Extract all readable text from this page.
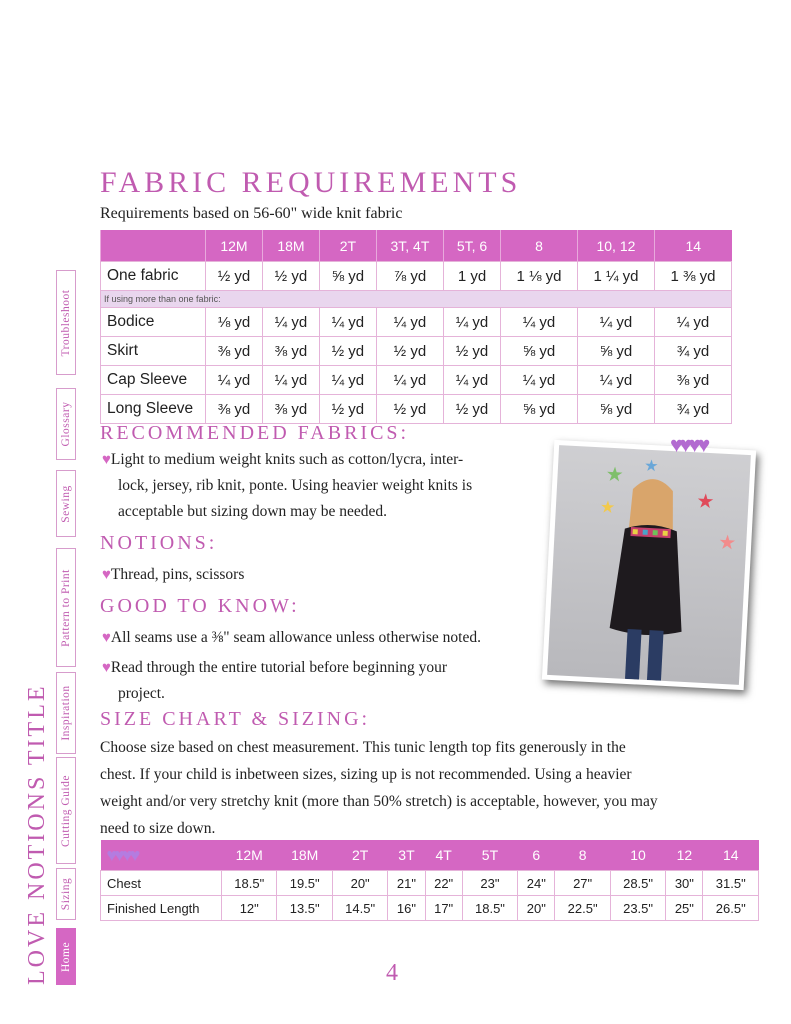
LOVE NOTIONS TITLE
Troubleshoot
Glossary
Sewing
Pattern to Print
Inspiration
Cutting Guide
Sizing
Home
FABRIC REQUIREMENTS
Requirements based on 56-60" wide knit fabric
	12M	18M	2T	3T, 4T	5T, 6	8	10, 12	14
One fabric	½ yd	½ yd	⅝ yd	⅞ yd	1 yd	1 ⅛ yd	1 ¼ yd	1 ⅜ yd
If using more than one fabric:								
Bodice	⅛ yd	¼ yd	¼ yd	¼ yd	¼ yd	¼ yd	¼ yd	¼ yd
Skirt	⅜ yd	⅜ yd	½ yd	½ yd	½ yd	⅝ yd	⅝ yd	¾ yd
Cap Sleeve	¼ yd	¼ yd	¼ yd	¼ yd	¼ yd	¼ yd	¼ yd	⅜ yd
Long Sleeve	⅜ yd	⅜ yd	½ yd	½ yd	½ yd	⅝ yd	⅝ yd	¾ yd
RECOMMENDED FABRICS:
♥Light to medium weight knits such as cotton/lycra, inter-
lock, jersey, rib knit, ponte. Using heavier weight knits is
acceptable but sizing down may be needed.
NOTIONS:
♥Thread, pins, scissors
GOOD TO KNOW:
♥All seams use a ⅜" seam allowance unless otherwise noted.
♥Read through the entire tutorial before beginning your
project.
★ ★
★
★
★
♥♥♥♥
SIZE CHART & SIZING:
Choose size based on chest measurement. This tunic length top fits generously in the
chest. If your child is inbetween sizes, sizing up is not recommended. Using a heavier
weight and/or very stretchy knit (more than 50% stretch) is acceptable, however, you may
need to size down.
♥♥♥♥	12M	18M	2T	3T	4T	5T	6	8	10	12	14
Chest	18.5"	19.5"	20"	21"	22"	23"	24"	27"	28.5"	30"	31.5"
Finished Length	12"	13.5"	14.5"	16"	17"	18.5"	20"	22.5"	23.5"	25"	26.5"
4
